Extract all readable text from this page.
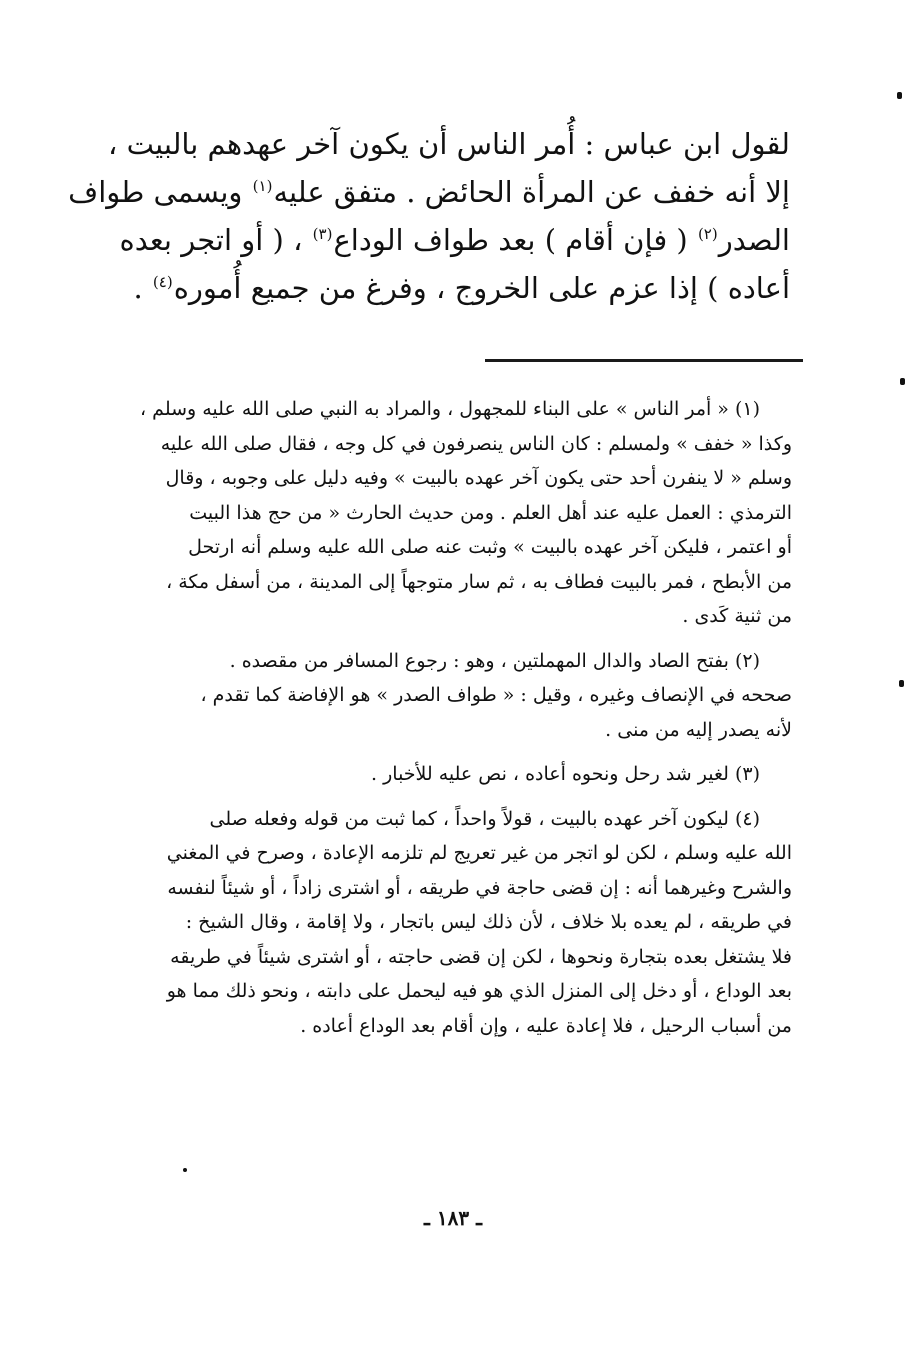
لقول ابن عباس : أُمر الناس أن يكون آخر عهدهم بالبيت ،
إلا أنه خفف عن المرأة الحائض . متفق عليه$^{(١)}$ ويسمى طواف
الصدر$^{(٢)}$ ( فإن أقام ) بعد طواف الوداع$^{(٣)}$ ، ( أو اتجر بعده
أعاده ) إذا عزم على الخروج ، وفرغ من جميع أُموره$^{(٤)}$ .
(١)« أمر الناس » على البناء للمجهول ، والمراد به النبي صلى الله عليه وسلم ،
وكذا « خفف » ولمسلم : كان الناس ينصرفون في كل وجه ، فقال صلى الله عليه
وسلم « لا ينفرن أحد حتى يكون آخر عهده بالبيت » وفيه دليل على وجوبه ، وقال
الترمذي : العمل عليه عند أهل العلم . ومن حديث الحارث « من حج هذا البيت
أو اعتمر ، فليكن آخر عهده بالبيت » وثبت عنه صلى الله عليه وسلم أنه ارتحل
من الأبطح ، فمر بالبيت فطاف به ، ثم سار متوجهاً إلى المدينة ، من أسفل مكة ،
من ثنية كَدى .
(٢)بفتح الصاد والدال المهملتين ، وهو : رجوع المسافر من مقصده .
صححه في الإنصاف وغيره ، وقيل : « طواف الصدر » هو الإفاضة كما تقدم ،
لأنه يصدر إليه من منى .
(٣)لغير شد رحل ونحوه أعاده ، نص عليه للأخبار .
(٤)ليكون آخر عهده بالبيت ، قولاً واحداً ، كما ثبت من قوله وفعله صلى
الله عليه وسلم ، لكن لو اتجر من غير تعريج لم تلزمه الإعادة ، وصرح في المغني
والشرح وغيرهما أنه : إن قضى حاجة في طريقه ، أو اشترى زاداً ، أو شيئاً لنفسه
في طريقه ، لم يعده بلا خلاف ، لأن ذلك ليس باتجار ، ولا إقامة ، وقال الشيخ :
فلا يشتغل بعده بتجارة ونحوها ، لكن إن قضى حاجته ، أو اشترى شيئاً في طريقه
بعد الوداع ، أو دخل إلى المنزل الذي هو فيه ليحمل على دابته ، ونحو ذلك مما هو
من أسباب الرحيل ، فلا إعادة عليه ، وإن أقام بعد الوداع أعاده .
ـ ١٨٣ ـ
